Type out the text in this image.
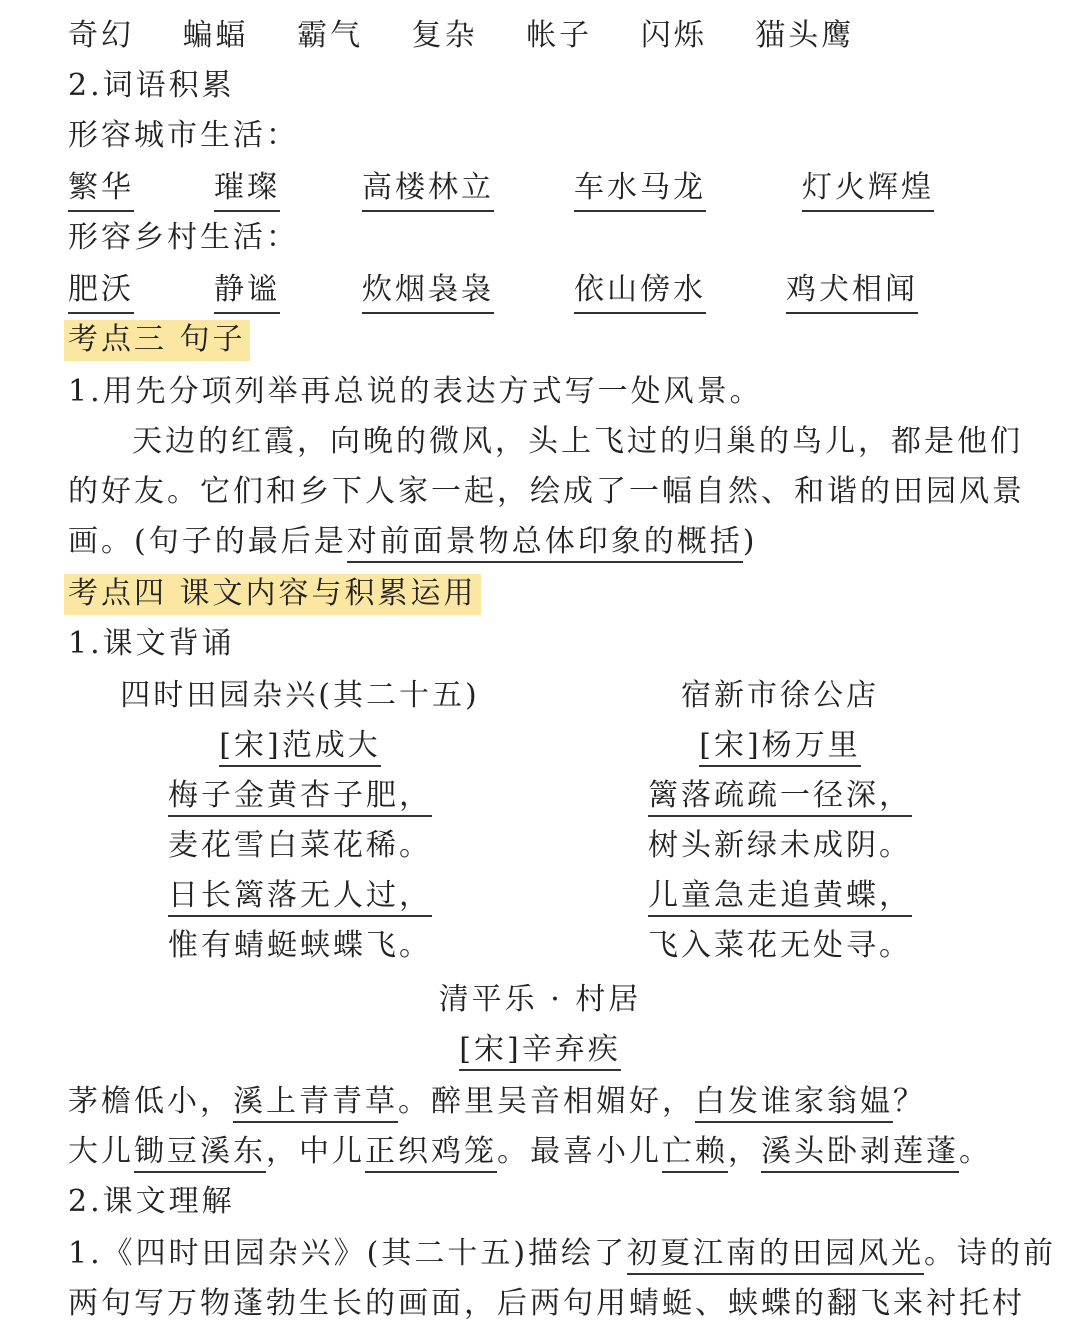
奇幻 蝙蝠 霸气 复杂 帐子 闪烁 猫头鹰
2.词语积累
形容城市生活：
繁华	璀璨	高楼林立	车水马龙	灯火辉煌
形容乡村生活：
肥沃	静谧	炊烟袅袅	依山傍水	鸡犬相闻
考点三 句子
1.用先分项列举再总说的表达方式写一处风景。
天边的红霞，向晚的微风，头上飞过的归巢的鸟儿，都是他们
的好友。它们和乡下人家一起，绘成了一幅自然、和谐的田园风景
画。(句子的最后是对前面景物总体印象的概括)
考点四 课文内容与积累运用
1.课文背诵
四时田园杂兴(其二十五)
[宋]范成大
梅子金黄杏子肥，
麦花雪白菜花稀。
日长篱落无人过，
惟有蜻蜓蛱蝶飞。
宿新市徐公店
[宋]杨万里
篱落疏疏一径深，
树头新绿未成阴。
儿童急走追黄蝶，
飞入菜花无处寻。
清平乐 · 村居
[宋]辛弃疾
茅檐低小，溪上青青草。醉里吴音相媚好，白发谁家翁媪？
大儿锄豆溪东，中儿正织鸡笼。最喜小儿亡赖，溪头卧剥莲蓬。
2.课文理解
1.《四时田园杂兴》(其二十五)描绘了初夏江南的田园风光。诗的前
两句写万物蓬勃生长的画面，后两句用蜻蜓、蛱蝶的翻飞来衬托村
